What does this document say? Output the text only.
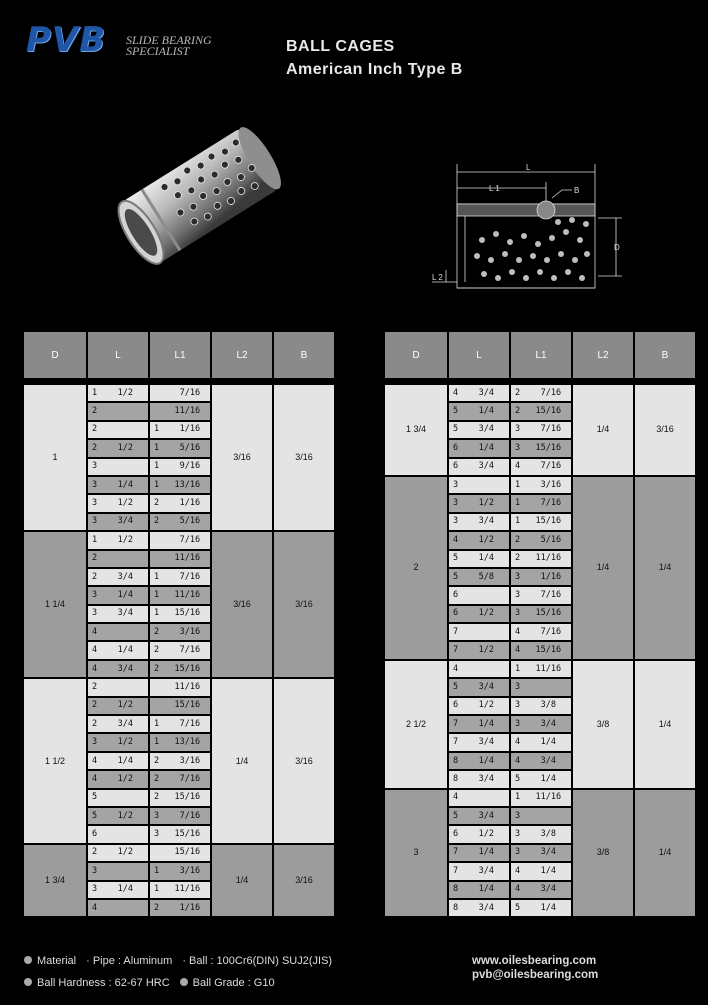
PVB SLIDE BEARING
SPECIALIST	BALL CAGES
American Inch Type B
L
L 1	B
D
L 2
D	L	L1	L2	B

1	1    1/2	7/16	3/16	3/16
	2	11/16		
	2	1    1/16		
	2    1/2	1    5/16		
	3	1    9/16		
	3    1/4	1   13/16		
	3    1/2	2    1/16		
	3    3/4	2    5/16		
1 1/4	1    1/2	7/16	3/16	3/16
	2	11/16		
	2    3/4	1    7/16		
	3    1/4	1   11/16		
	3    3/4	1   15/16		
	4	2    3/16		
	4    1/4	2    7/16		
	4    3/4	2   15/16		
1 1/2	2	11/16	1/4	3/16
	2    1/2	15/16		
	2    3/4	1    7/16		
	3    1/2	1   13/16		
	4    1/4	2    3/16		
	4    1/2	2    7/16		
	5	2   15/16		
	5    1/2	3    7/16		
	6	3   15/16		
1 3/4	2    1/2	15/16	1/4	3/16
	3	1    3/16		
	3    1/4	1   11/16		
	4	2    1/16		
D	L	L1	L2	B

1 3/4	4    3/4	2    7/16	1/4	3/16
	5    1/4	2   15/16		
	5    3/4	3    7/16		
	6    1/4	3   15/16		
	6    3/4	4    7/16		
2	3	1    3/16	1/4	1/4
	3    1/2	1    7/16		
	3    3/4	1   15/16		
	4    1/2	2    5/16		
	5    1/4	2   11/16		
	5    5/8	3    1/16		
	6	3    7/16		
	6    1/2	3   15/16		
	7	4    7/16		
	7    1/2	4   15/16		
2 1/2	4	1   11/16	3/8	1/4
	5    3/4	3		
	6    1/2	3    3/8		
	7    1/4	3    3/4		
	7    3/4	4    1/4		
	8    1/4	4    3/4		
	8    3/4	5    1/4		
3	4	1   11/16	3/8	1/4
	5    3/4	3		
	6    1/2	3    3/8		
	7    1/4	3    3/4		
	7    3/4	4    1/4		
	8    1/4	4    3/4		
	8    3/4	5    1/4		
Material · Pipe : Aluminum · Ball : 100Cr6(DIN) SUJ2(JIS)
Ball Hardness : 62-67 HRC Ball Grade : G10
www.oilesbearing.com
pvb@oilesbearing.com
